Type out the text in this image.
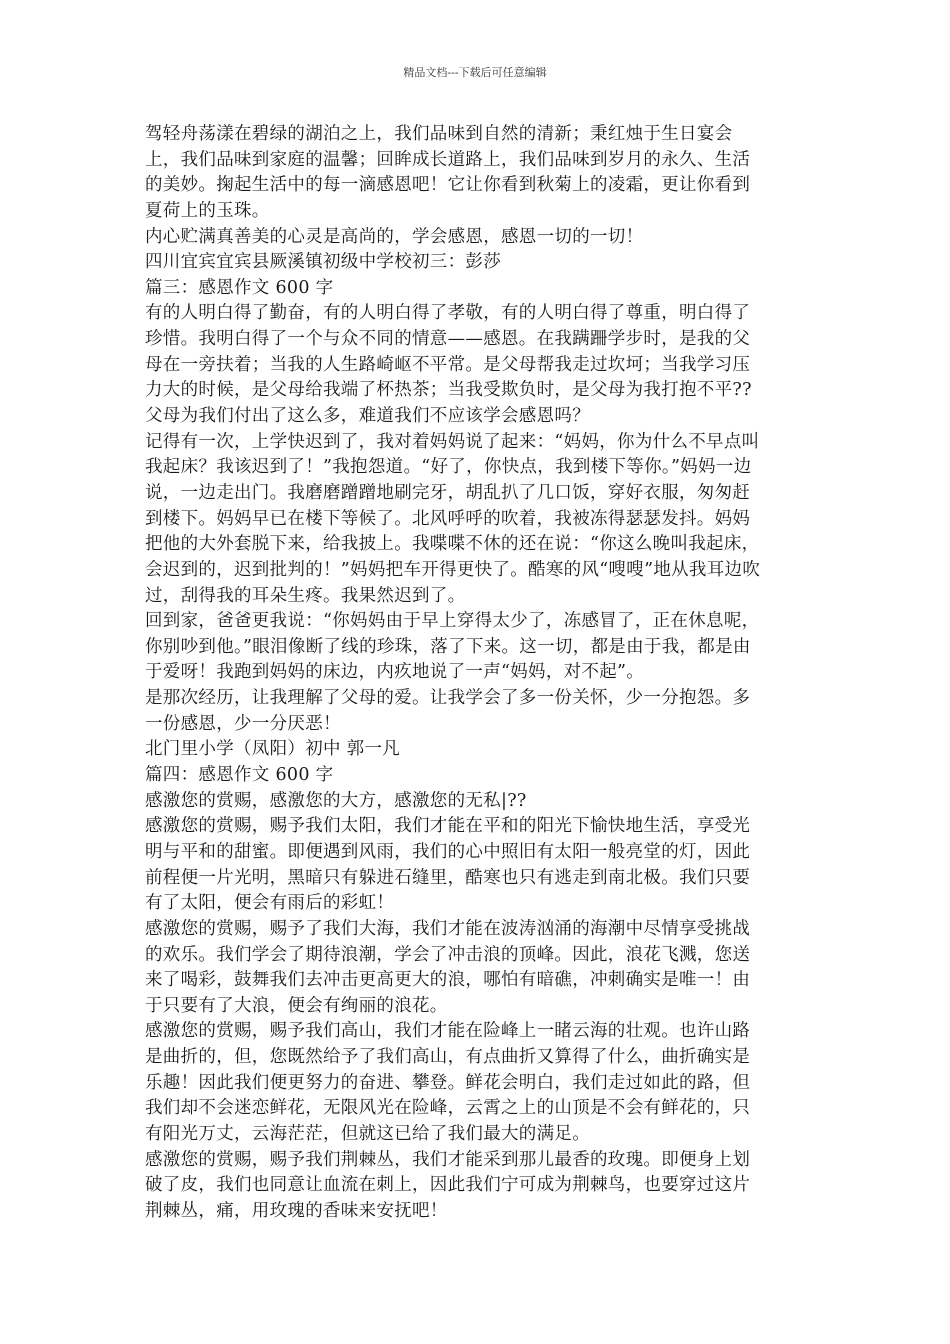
精品文档---下载后可任意编辑
驾轻舟荡漾在碧绿的湖泊之上，我们品味到自然的清新；秉红烛于生日宴会
上，我们品味到家庭的温馨；回眸成长道路上，我们品味到岁月的永久、生活
的美妙。掬起生活中的每一滴感恩吧！它让你看到秋菊上的凌霜，更让你看到
夏荷上的玉珠。
内心贮满真善美的心灵是高尚的，学会感恩，感恩一切的一切！
四川宜宾宜宾县厥溪镇初级中学校初三：彭莎
篇三：感恩作文 600 字
有的人明白得了勤奋，有的人明白得了孝敬，有的人明白得了尊重，明白得了
珍惜。我明白得了一个与众不同的情意——感恩。在我蹒跚学步时，是我的父
母在一旁扶着；当我的人生路崎岖不平常。是父母帮我走过坎坷；当我学习压
力大的时候，是父母给我端了杯热茶；当我受欺负时，是父母为我打抱不平??
父母为我们付出了这么多，难道我们不应该学会感恩吗？
记得有一次，上学快迟到了，我对着妈妈说了起来：“妈妈，你为什么不早点叫
我起床？我该迟到了！”我抱怨道。“好了，你快点，我到楼下等你。”妈妈一边
说，一边走出门。我磨磨蹭蹭地刷完牙，胡乱扒了几口饭，穿好衣服，匆匆赶
到楼下。妈妈早已在楼下等候了。北风呼呼的吹着，我被冻得瑟瑟发抖。妈妈
把他的大外套脱下来，给我披上。我喋喋不休的还在说：“你这么晚叫我起床，
会迟到的，迟到批判的！”妈妈把车开得更快了。酷寒的风“嗖嗖”地从我耳边吹
过，刮得我的耳朵生疼。我果然迟到了。
回到家，爸爸更我说：“你妈妈由于早上穿得太少了，冻感冒了，正在休息呢，
你别吵到他。”眼泪像断了线的珍珠，落了下来。这一切，都是由于我，都是由
于爱呀！我跑到妈妈的床边，内疚地说了一声“妈妈，对不起”。
是那次经历，让我理解了父母的爱。让我学会了多一份关怀，少一分抱怨。多
一份感恩，少一分厌恶！
北门里小学（凤阳）初中 郭一凡
篇四：感恩作文 600 字
感激您的赏赐，感激您的大方，感激您的无私|??
感激您的赏赐，赐予我们太阳，我们才能在平和的阳光下愉快地生活，享受光
明与平和的甜蜜。即便遇到风雨，我们的心中照旧有太阳一般亮堂的灯，因此
前程便一片光明，黑暗只有躲进石缝里，酷寒也只有逃走到南北极。我们只要
有了太阳，便会有雨后的彩虹！
感激您的赏赐，赐予了我们大海，我们才能在波涛汹涌的海潮中尽情享受挑战
的欢乐。我们学会了期待浪潮，学会了冲击浪的顶峰。因此，浪花飞溅，您送
来了喝彩，鼓舞我们去冲击更高更大的浪，哪怕有暗礁，冲刺确实是唯一！由
于只要有了大浪，便会有绚丽的浪花。
感激您的赏赐，赐予我们高山，我们才能在险峰上一睹云海的壮观。也许山路
是曲折的，但，您既然给予了我们高山，有点曲折又算得了什么，曲折确实是
乐趣！因此我们便更努力的奋进、攀登。鲜花会明白，我们走过如此的路，但
我们却不会迷恋鲜花，无限风光在险峰，云霄之上的山顶是不会有鲜花的，只
有阳光万丈，云海茫茫，但就这已给了我们最大的满足。
感激您的赏赐，赐予我们荆棘丛，我们才能采到那儿最香的玫瑰。即便身上划
破了皮，我们也同意让血流在刺上，因此我们宁可成为荆棘鸟，也要穿过这片
荆棘丛，痛，用玫瑰的香味来安抚吧！
